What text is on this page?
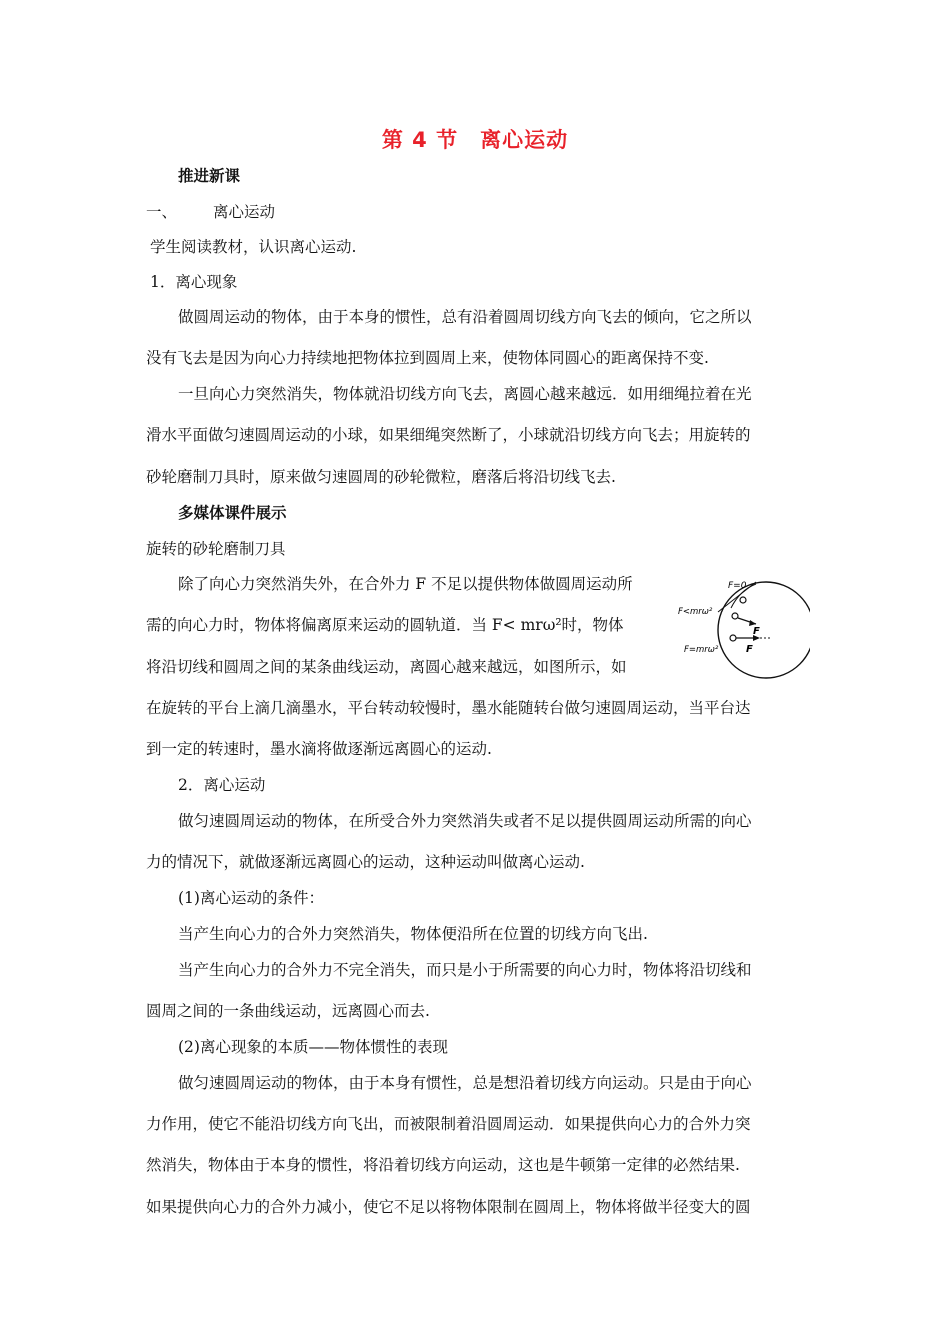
第 4 节　离心运动
推进新课
一、 离心运动
学生阅读教材，认识离心运动.
1．离心现象
做圆周运动的物体，由于本身的惯性，总有沿着圆周切线方向飞去的倾向，它之所以
没有飞去是因为向心力持续地把物体拉到圆周上来，使物体同圆心的距离保持不变.
一旦向心力突然消失，物体就沿切线方向飞去，离圆心越来越远．如用细绳拉着在光
滑水平面做匀速圆周运动的小球，如果细绳突然断了，小球就沿切线方向飞去；用旋转的
砂轮磨制刀具时，原来做匀速圆周的砂轮微粒，磨落后将沿切线飞去.
多媒体课件展示
旋转的砂轮磨制刀具
除了向心力突然消失外，在合外力 F 不足以提供物体做圆周运动所
需的向心力时，物体将偏离原来运动的圆轨道．当 F< mrω²时，物体
将沿切线和圆周之间的某条曲线运动，离圆心越来越远，如图所示，如
在旋转的平台上滴几滴墨水，平台转动较慢时，墨水能随转台做匀速圆周运动，当平台达
到一定的转速时，墨水滴将做逐渐远离圆心的运动.
F=0
F<mrω²
F=mrω²
F
F
2．离心运动
做匀速圆周运动的物体，在所受合外力突然消失或者不足以提供圆周运动所需的向心
力的情况下，就做逐渐远离圆心的运动，这种运动叫做离心运动.
(1)离心运动的条件：
当产生向心力的合外力突然消失，物体便沿所在位置的切线方向飞出.
当产生向心力的合外力不完全消失，而只是小于所需要的向心力时，物体将沿切线和
圆周之间的一条曲线运动，远离圆心而去.
(2)离心现象的本质——物体惯性的表现
做匀速圆周运动的物体，由于本身有惯性，总是想沿着切线方向运动。只是由于向心
力作用，使它不能沿切线方向飞出，而被限制着沿圆周运动．如果提供向心力的合外力突
然消失，物体由于本身的惯性，将沿着切线方向运动，这也是牛顿第一定律的必然结果.
如果提供向心力的合外力减小，使它不足以将物体限制在圆周上，物体将做半径变大的圆
